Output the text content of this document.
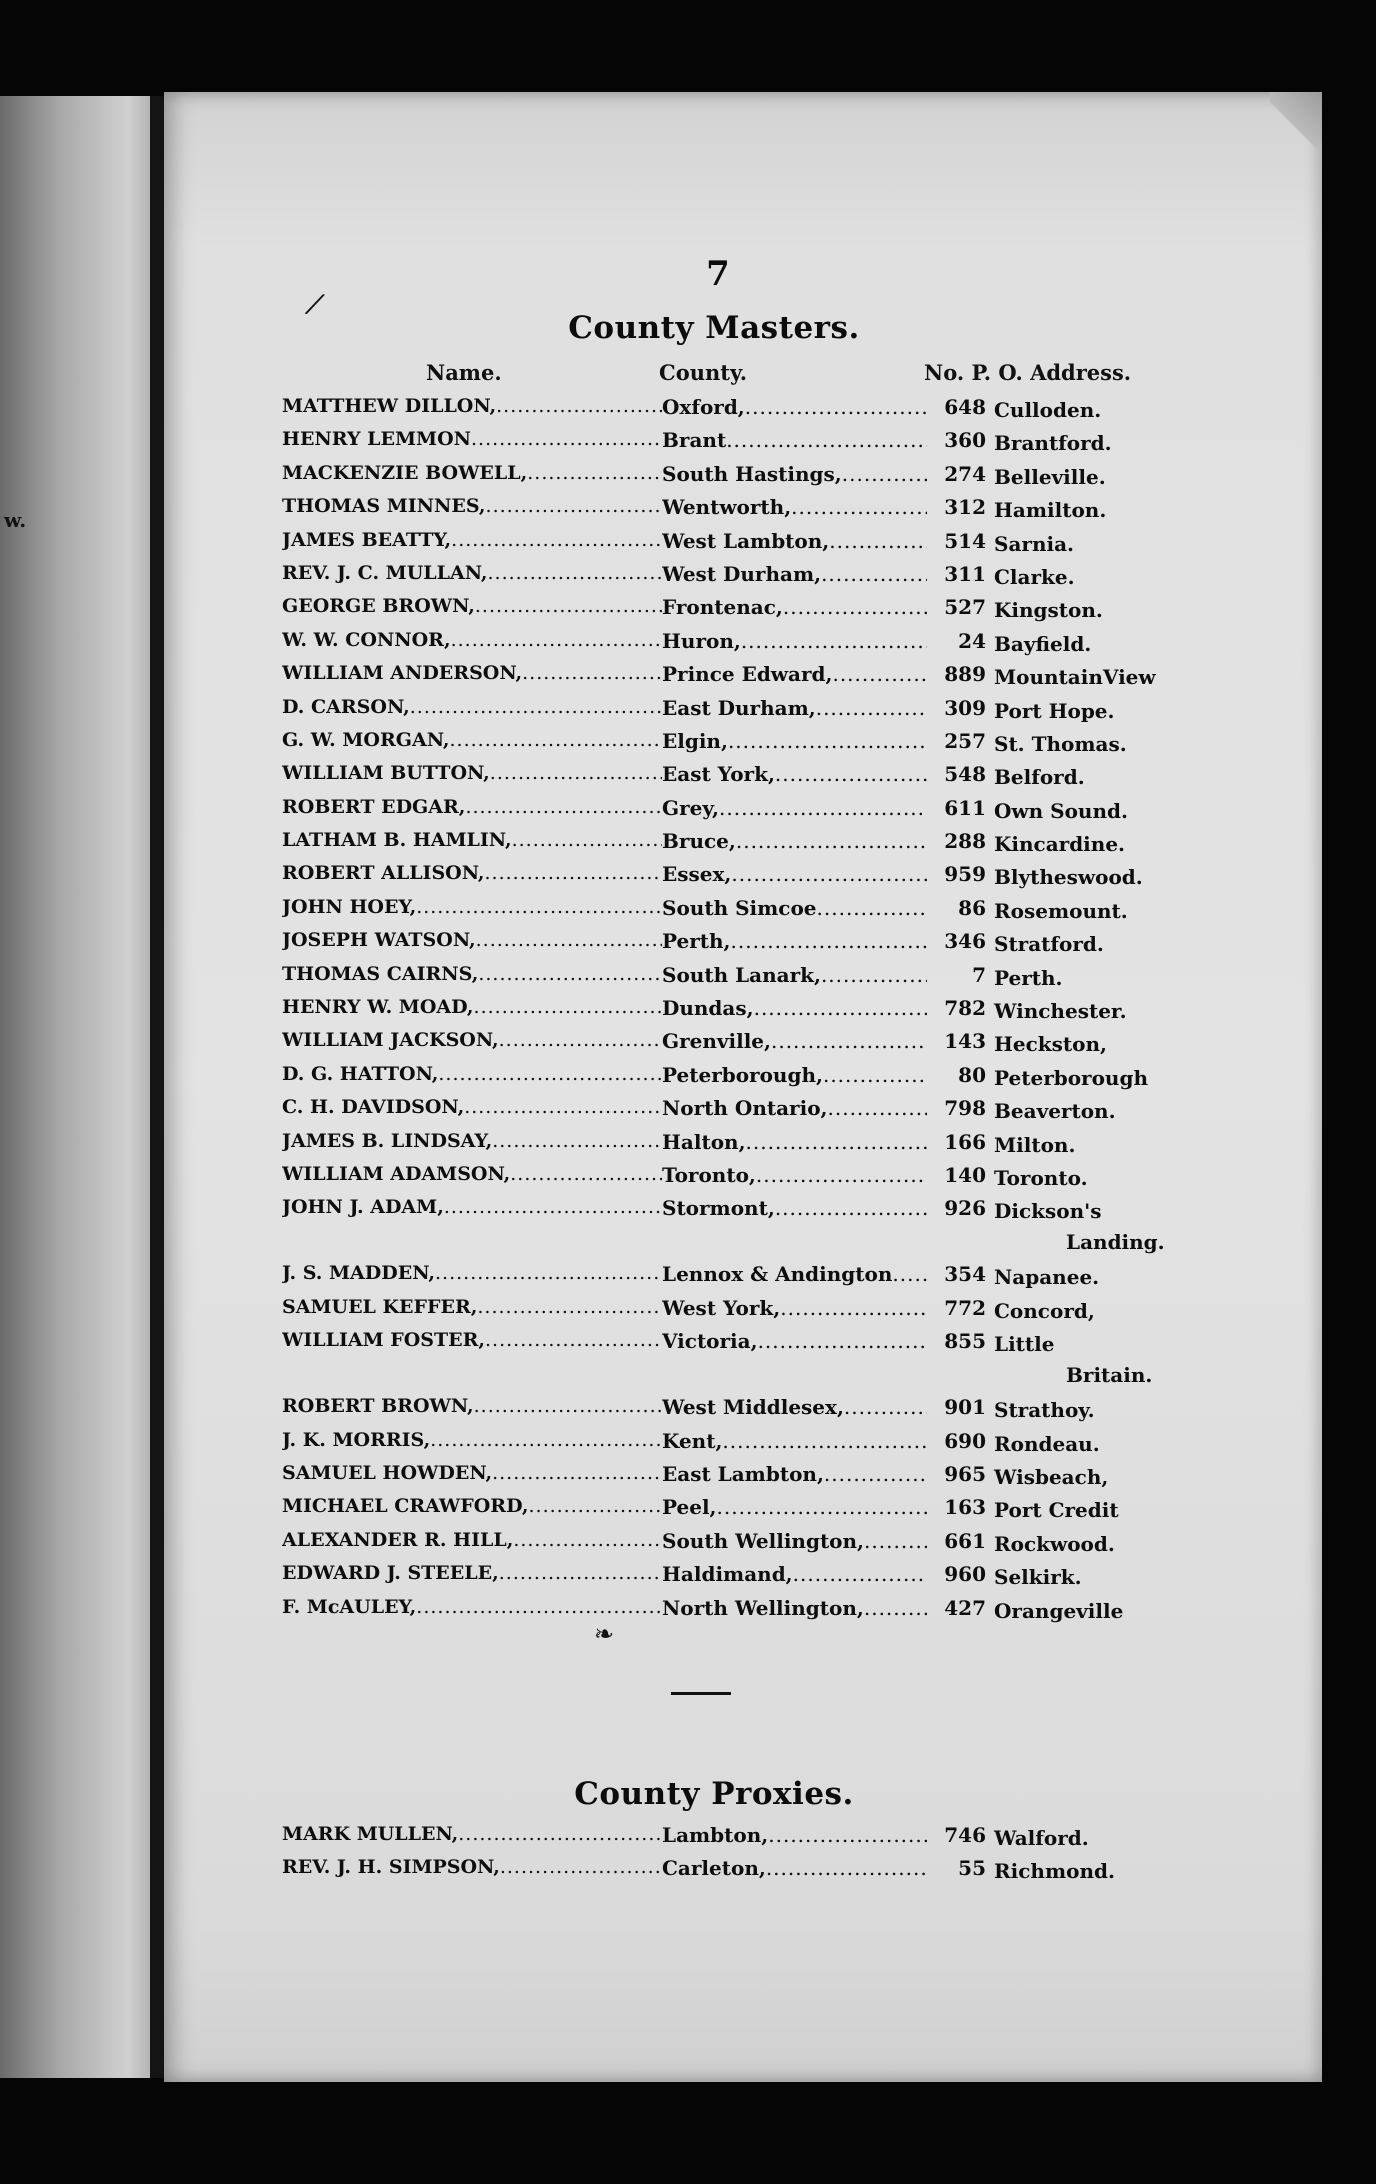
w.
7
County Masters.
Name.	County.	No. P. O. Address.
MATTHEW DILLON, .....	Oxford, .....	648 Culloden.
HENRY LEMMON .....	Brant .....	360 Brantford.
MACKENZIE BOWELL, .....	South Hastings, .....	274 Belleville.
THOMAS MINNES, .....	Wentworth, .....	312 Hamilton.
JAMES BEATTY, .....	West Lambton, .....	514 Sarnia.
REV. J. C. MULLAN, .....	West Durham, .....	311 Clarke.
GEORGE BROWN, .....	Frontenac, .....	527 Kingston.
W. W. CONNOR, .....	Huron, .....	24 Bayfield.
WILLIAM ANDERSON, .....	Prince Edward, .....	889 MountainView
D. CARSON, .....	East Durham, .....	309 Port Hope.
G. W. MORGAN, .....	Elgin, .....	257 St. Thomas.
WILLIAM BUTTON, .....	East York, .....	548 Belford.
ROBERT EDGAR, .....	Grey, .....	611 Own Sound.
LATHAM B. HAMLIN, .....	Bruce, .....	288 Kincardine.
ROBERT ALLISON, .....	Essex, .....	959 Blytheswood.
JOHN HOEY, .....	South Simcoe .....	86 Rosemount.
JOSEPH WATSON, .....	Perth, .....	346 Stratford.
THOMAS CAIRNS, .....	South Lanark, .....	7 Perth.
HENRY W. MOAD, .....	Dundas, .....	782 Winchester.
WILLIAM JACKSON, .....	Grenville, .....	143 Heckston,
D. G. HATTON, .....	Peterborough, .....	80 Peterborough
C. H. DAVIDSON, .....	North Ontario, .....	798 Beaverton.
JAMES B. LINDSAY, .....	Halton, .....	166 Milton.
WILLIAM ADAMSON, .....	Toronto, .....	140 Toronto.
JOHN J. ADAM, .....	Stormont, .....	926 Dickson's
Landing.
J. S. MADDEN, .....	Lennox & Andington .....	354 Napanee.
SAMUEL KEFFER, .....	West York, .....	772 Concord,
WILLIAM FOSTER, .....	Victoria, .....	855 Little
Britain.
ROBERT BROWN, .....	West Middlesex, .....	901 Strathoy.
J. K. MORRIS, .....	Kent, .....	690 Rondeau.
SAMUEL HOWDEN, .....	East Lambton, .....	965 Wisbeach,
MICHAEL CRAWFORD, .....	Peel, .....	163 Port Credit
ALEXANDER R. HILL, .....	South Wellington, .....	661 Rockwood.
EDWARD J. STEELE, .....	Haldimand, .....	960 Selkirk.
F. McAULEY, .....	North Wellington, .....	427 Orangeville
County Proxies.
MARK MULLEN, .....	Lambton, .....	746 Walford.
REV. J. H. SIMPSON, .....	Carleton, .....	55 Richmond.
⁄
❧
